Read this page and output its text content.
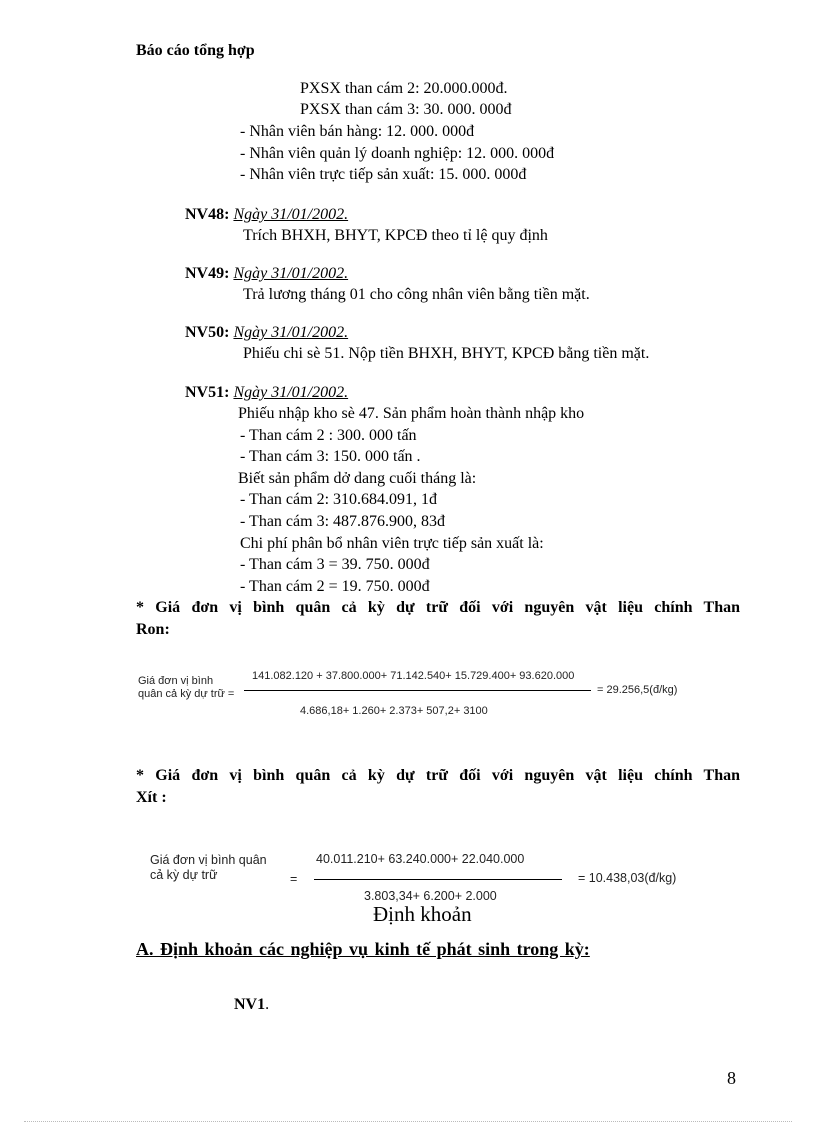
Báo cáo tổng hợp
PXSX than cám 2: 20.000.000đ.
PXSX than cám 3: 30. 000. 000đ
- Nhân viên bán hàng: 12. 000. 000đ
- Nhân viên quản lý doanh nghiệp: 12. 000. 000đ
- Nhân viên trực tiếp sản xuất: 15. 000. 000đ
NV48: Ngày 31/01/2002.
Trích BHXH, BHYT, KPCĐ theo tỉ lệ quy định
NV49: Ngày 31/01/2002.
Trả lương tháng 01 cho công nhân viên bằng tiền mặt.
NV50: Ngày 31/01/2002.
Phiếu chi sè 51. Nộp tiền BHXH, BHYT, KPCĐ bằng tiền mặt.
NV51: Ngày 31/01/2002.
Phiếu nhập kho sè 47. Sản phẩm hoàn thành nhập kho
- Than cám 2 : 300. 000 tấn
- Than cám 3: 150. 000 tấn .
Biết sản phẩm dở dang cuối tháng là:
- Than cám 2: 310.684.091, 1đ
- Than cám 3: 487.876.900, 83đ
Chi phí phân bổ nhân viên trực tiếp sản xuất là:
- Than cám 3 = 39. 750. 000đ
- Than cám 2 = 19. 750. 000đ
* Giá đơn vị bình quân cả kỳ dự trữ đối với nguyên vật liệu chính Than
Ron:
Giá đơn vị bình
quân cả kỳ dự trữ =
141.082.120 + 37.800.000+ 71.142.540+ 15.729.400+ 93.620.000
4.686,18+ 1.260+ 2.373+ 507,2+ 3100
= 29.256,5(đ/kg)
* Giá đơn vị bình quân cả kỳ dự trữ đối với nguyên vật liệu chính Than
Xít :
Giá đơn vị bình quân
cả kỳ dự trữ	=
40.011.210+ 63.240.000+ 22.040.000
3.803,34+ 6.200+ 2.000
= 10.438,03(đ/kg)
Định khoản
A. Định khoản các nghiệp vụ kinh tế phát sinh trong kỳ:
NV1.
8
